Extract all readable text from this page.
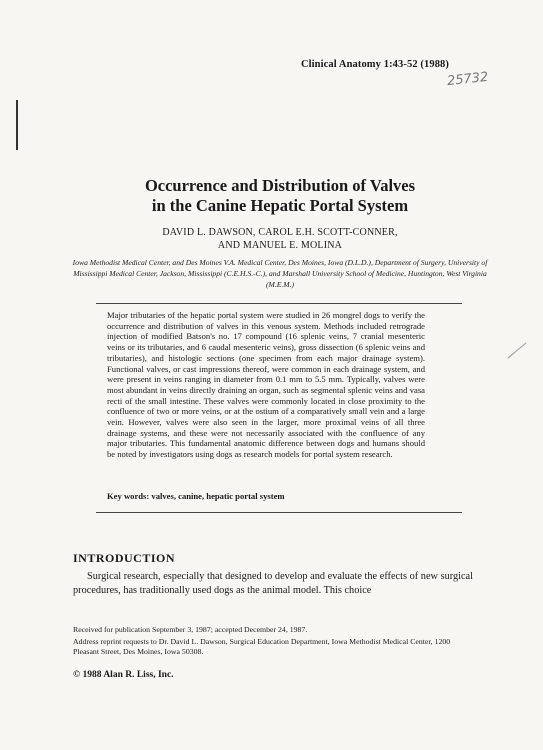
Clinical Anatomy 1:43-52 (1988)
25732
Occurrence and Distribution of Valves
in the Canine Hepatic Portal System
DAVID L. DAWSON, CAROL E.H. SCOTT-CONNER,
AND MANUEL E. MOLINA
Iowa Methodist Medical Center, and Des Moines V.A. Medical Center, Des Moines, Iowa (D.L.D.), Department of Surgery, University of Mississippi Medical Center, Jackson, Mississippi (C.E.H.S.-C.), and Marshall University School of Medicine, Huntington, West Virginia (M.E.M.)
Major tributaries of the hepatic portal system were studied in 26 mongrel dogs to verify the occurrence and distribution of valves in this venous system. Methods included retrograde injection of modified Batson's no. 17 compound (16 splenic veins, 7 cranial mesenteric veins or its tributaries, and 6 caudal mesenteric veins), gross dissection (6 splenic veins and tributaries), and histologic sections (one specimen from each major drainage system). Functional valves, or cast impressions thereof, were common in each drainage system, and were present in veins ranging in diameter from 0.1 mm to 5.5 mm. Typically, valves were most abundant in veins directly draining an organ, such as segmental splenic veins and vasa recti of the small intestine. These valves were commonly located in close proximity to the confluence of two or more veins, or at the ostium of a comparatively small vein and a large vein. However, valves were also seen in the larger, more proximal veins of all three drainage systems, and these were not necessarily associated with the confluence of any major tributaries. This fundamental anatomic difference between dogs and humans should be noted by investigators using dogs as research models for portal system research.
Key words: valves, canine, hepatic portal system
INTRODUCTION
Surgical research, especially that designed to develop and evaluate the effects of new surgical procedures, has traditionally used dogs as the animal model. This choice
Received for publication September 3, 1987; accepted December 24, 1987.
Address reprint requests to Dr. David L. Dawson, Surgical Education Department, Iowa Methodist Medical Center, 1200 Pleasant Street, Des Moines, Iowa 50308.
© 1988 Alan R. Liss, Inc.
